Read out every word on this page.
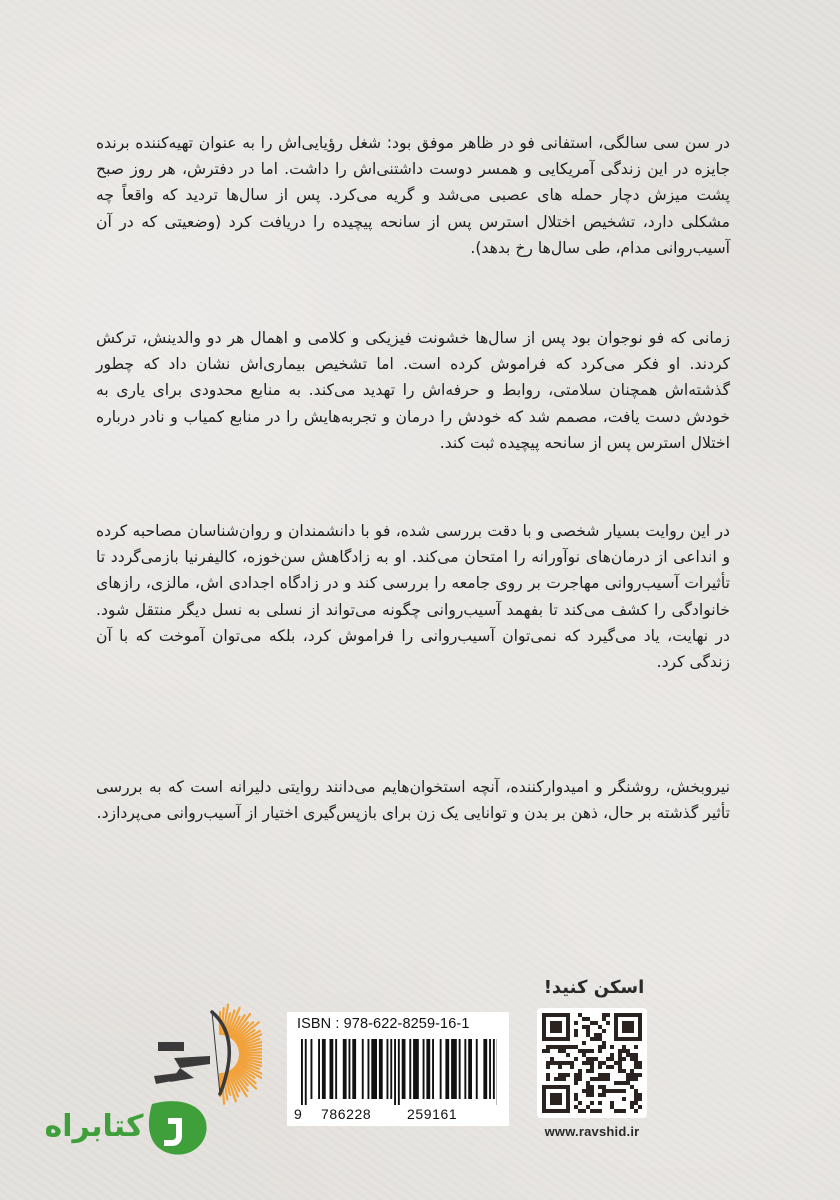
در سن سی سالگی، استفانی فو در ظاهر موفق بود: شغل رؤیایی‌اش را به عنوان تهیه‌کننده برنده جایزه در این زندگی آمریکایی و همسر دوست داشتنی‌اش را داشت. اما در دفترش، هر روز صبح پشت میزش دچار حمله های عصبی می‌شد و گریه می‌کرد. پس از سال‌ها تردید که واقعاً چه مشکلی دارد، تشخیص اختلال استرس پس از سانحه پیچیده را دریافت کرد (وضعیتی که در آن آسیب‌روانی مدام، طی سال‌ها رخ بدهد).

زمانی که فو نوجوان بود پس از سال‌ها خشونت فیزیکی و کلامی و اهمال هر دو والدینش، ترکش کردند. او فکر می‌کرد که فراموش کرده است. اما تشخیص بیماری‌اش نشان داد که چطور گذشته‌اش همچنان سلامتی، روابط و حرفه‌اش را تهدید می‌کند. به منابع محدودی برای یاری به خودش دست یافت، مصمم شد که خودش را درمان و تجربه‌هایش را در منابع کمیاب و نادر درباره اختلال استرس پس از سانحه پیچیده ثبت کند.

در این روایت بسیار شخصی و با دقت بررسی شده، فو با دانشمندان و روان‌شناسان مصاحبه کرده و انداعی از درمان‌های نوآورانه را امتحان می‌کند. او به زادگاهش سن‌خوزه، کالیفرنیا بازمی‌گردد تا تأثیرات آسیب‌روانی مهاجرت بر روی جامعه را بررسی کند و در زادگاه اجدادی اش، مالزی، رازهای خانوادگی را کشف می‌کند تا بفهمد آسیب‌روانی چگونه می‌تواند از نسلی به نسل دیگر منتقل شود. در نهایت، یاد می‌گیرد که نمی‌توان آسیب‌روانی را فراموش کرد، بلکه می‌توان آموخت که با آن زندگی کرد.

نیروبخش، روشنگر و امیدوارکننده، آنچه استخوان‌هایم می‌دانند روایتی دلیرانه است که به بررسی تأثیر گذشته بر حال، ذهن بر بدن و توانایی یک زن برای بازپس‌گیری اختیار از آسیب‌روانی می‌پردازد.

اسکن کنید!
www.ravshid.ir
ISBN : 978-622-8259-16-1
9 786228	259161
کتابراه
